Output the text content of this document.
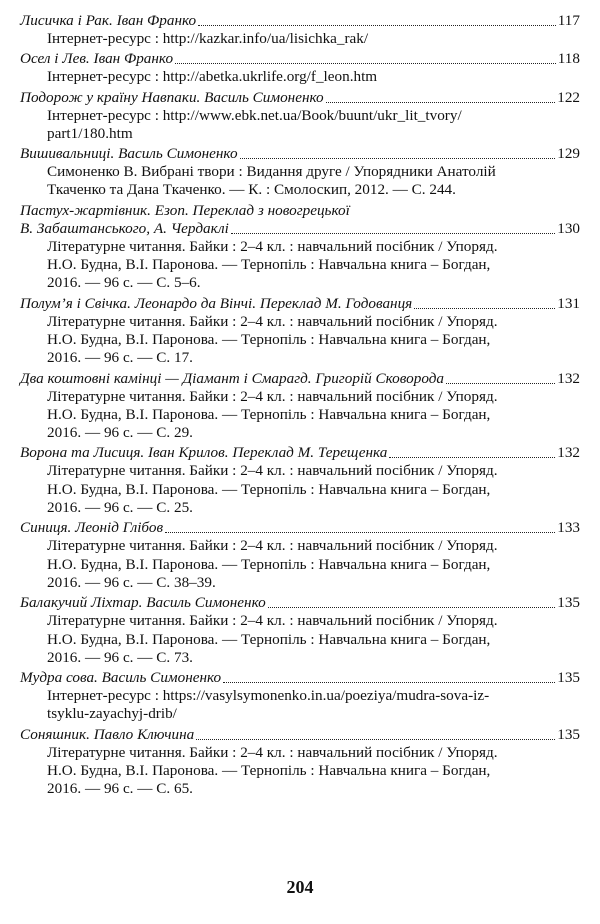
Лисичка і Рак. Іван Франко	117
Інтернет-ресурс : http://kazkar.info/ua/lisichka_rak/
Осел і Лев. Іван Франко	118
Інтернет-ресурс : http://abetka.ukrlife.org/f_leon.htm
Подорож у країну Навпаки. Василь Симоненко	122
Інтернет-ресурс : http://www.ebk.net.ua/Book/buunt/ukr_lit_tvory/
part1/180.htm
Вишивальниці. Василь Симоненко	129
Симоненко В. Вибрані твори : Видання друге / Упорядники Анатолій
Ткаченко та Дана Ткаченко. — К. : Смолоскип, 2012. — С. 244.
Пастух-жартівник. Езоп. Переклад з новогрецької
В. Забаштанського, А. Чердаклі	130
Літературне читання. Байки : 2–4 кл. : навчальний посібник / Упоряд.
Н.О. Будна, В.І. Паронова. — Тернопіль : Навчальна книга – Богдан,
2016. — 96 с. — С. 5–6.
Полум’я і Свічка. Леонардо да Вінчі. Переклад М. Годованця	131
Літературне читання. Байки : 2–4 кл. : навчальний посібник / Упоряд.
Н.О. Будна, В.І. Паронова. — Тернопіль : Навчальна книга – Богдан,
2016. — 96 с. — С. 17.
Два коштовні камінці — Діамант і Смарагд. Григорій Сковорода	132
Літературне читання. Байки : 2–4 кл. : навчальний посібник / Упоряд.
Н.О. Будна, В.І. Паронова. — Тернопіль : Навчальна книга – Богдан,
2016. — 96 с. — С. 29.
Ворона та Лисиця. Іван Крилов. Переклад М. Терещенка	132
Літературне читання. Байки : 2–4 кл. : навчальний посібник / Упоряд.
Н.О. Будна, В.І. Паронова. — Тернопіль : Навчальна книга – Богдан,
2016. — 96 с. — С. 25.
Синиця. Леонід Глібов	133
Літературне читання. Байки : 2–4 кл. : навчальний посібник / Упоряд.
Н.О. Будна, В.І. Паронова. — Тернопіль : Навчальна книга – Богдан,
2016. — 96 с. — С. 38–39.
Балакучий Ліхтар. Василь Симоненко	135
Літературне читання. Байки : 2–4 кл. : навчальний посібник / Упоряд.
Н.О. Будна, В.І. Паронова. — Тернопіль : Навчальна книга – Богдан,
2016. — 96 с. — С. 73.
Мудра сова. Василь Симоненко	135
Інтернет-ресурс : https://vasylsymonenko.in.ua/poeziya/mudra-sova-iz-
tsyklu-zayachyj-drib/
Соняшник. Павло Ключина	135
Літературне читання. Байки : 2–4 кл. : навчальний посібник / Упоряд.
Н.О. Будна, В.І. Паронова. — Тернопіль : Навчальна книга – Богдан,
2016. — 96 с. — С. 65.
204
